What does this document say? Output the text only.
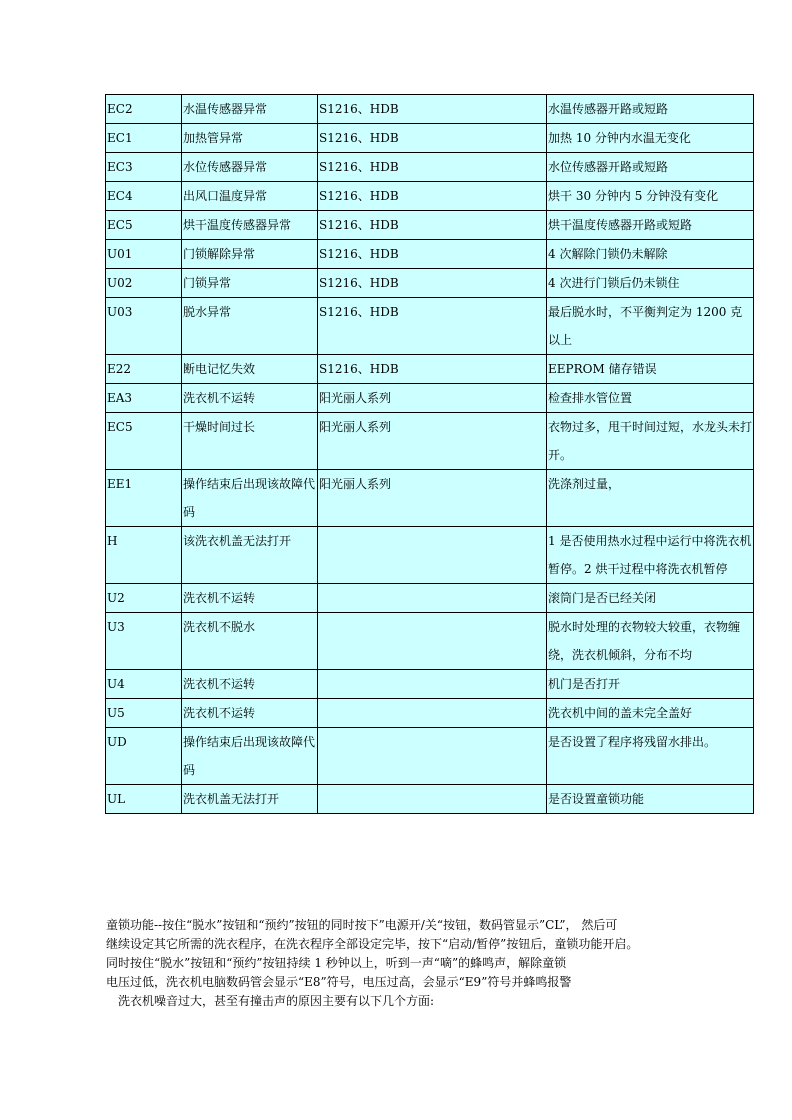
EC2	水温传感器异常	S1216、HDB	水温传感器开路或短路
EC1	加热管异常	S1216、HDB	加热 10 分钟内水温无变化
EC3	水位传感器异常	S1216、HDB	水位传感器开路或短路
EC4	出风口温度异常	S1216、HDB	烘干 30 分钟内 5 分钟没有变化
EC5	烘干温度传感器异常	S1216、HDB	烘干温度传感器开路或短路
U01	门锁解除异常	S1216、HDB	4 次解除门锁仍未解除
U02	门锁异常	S1216、HDB	4 次进行门锁后仍未锁住
U03	脱水异常	S1216、HDB	最后脱水时，不平衡判定为 1200 克以上
E22	断电记忆失效	S1216、HDB	EEPROM 储存错误
EA3	洗衣机不运转	阳光丽人系列	检查排水管位置
EC5	干燥时间过长	阳光丽人系列	衣物过多，甩干时间过短，水龙头未打开。
EE1	操作结束后出现该故障代码	阳光丽人系列	洗涤剂过量，
H	该洗衣机盖无法打开		1 是否使用热水过程中运行中将洗衣机暂停。2 烘干过程中将洗衣机暂停
U2	洗衣机不运转		滚筒门是否已经关闭
U3	洗衣机不脱水		脱水时处理的衣物较大较重，衣物缠绕，洗衣机倾斜，分布不均
U4	洗衣机不运转		机门是否打开
U5	洗衣机不运转		洗衣机中间的盖未完全盖好
UD	操作结束后出现该故障代码		是否设置了程序将残留水排出。
UL	洗衣机盖无法打开		是否设置童锁功能

童锁功能--按住“脱水”按钮和“预约”按钮的同时按下”电源开/关“按钮，数码管显示”CL”， 然后可

继续设定其它所需的洗衣程序，在洗衣程序全部设定完毕，按下“启动/暂停”按钮后，童锁功能开启。

同时按住“脱水”按钮和“预约”按钮持续 1 秒钟以上，听到一声“嘀”的蜂鸣声，解除童锁

电压过低，洗衣机电脑数码管会显示“E8”符号，电压过高，会显示“E9”符号并蜂鸣报警

洗衣机噪音过大，甚至有撞击声的原因主要有以下几个方面:
